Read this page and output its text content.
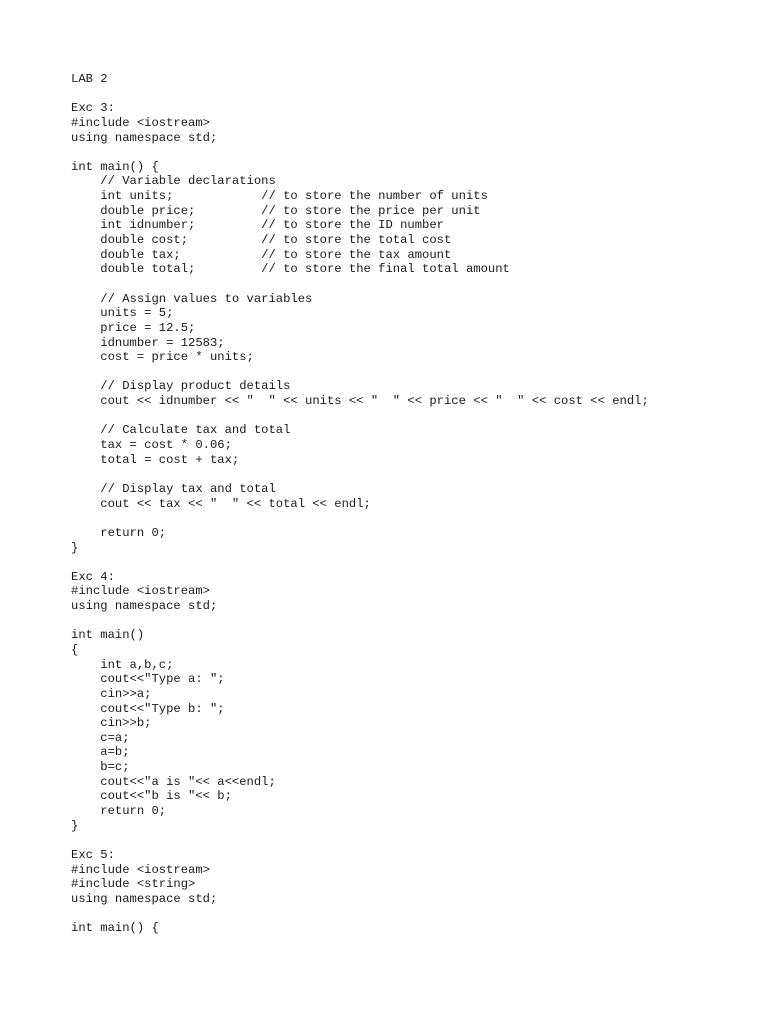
LAB 2

Exc 3:
#include <iostream>
using namespace std;

int main() {
// Variable declarations
int units;            // to store the number of units
double price;         // to store the price per unit
int idnumber;         // to store the ID number
double cost;          // to store the total cost
double tax;           // to store the tax amount
double total;         // to store the final total amount

// Assign values to variables
units = 5;
price = 12.5;
idnumber = 12583;
cost = price * units;

// Display product details
cout << idnumber << "  " << units << "  " << price << "  " << cost << endl;

// Calculate tax and total
tax = cost * 0.06;
total = cost + tax;

// Display tax and total
cout << tax << "  " << total << endl;

return 0;
}

Exc 4:
#include <iostream>
using namespace std;

int main()
{
int a,b,c;
cout<<"Type a: ";
cin>>a;
cout<<"Type b: ";
cin>>b;
c=a;
a=b;
b=c;
cout<<"a is "<< a<<endl;
cout<<"b is "<< b;
return 0;
}

Exc 5:
#include <iostream>
#include <string>
using namespace std;

int main() {
